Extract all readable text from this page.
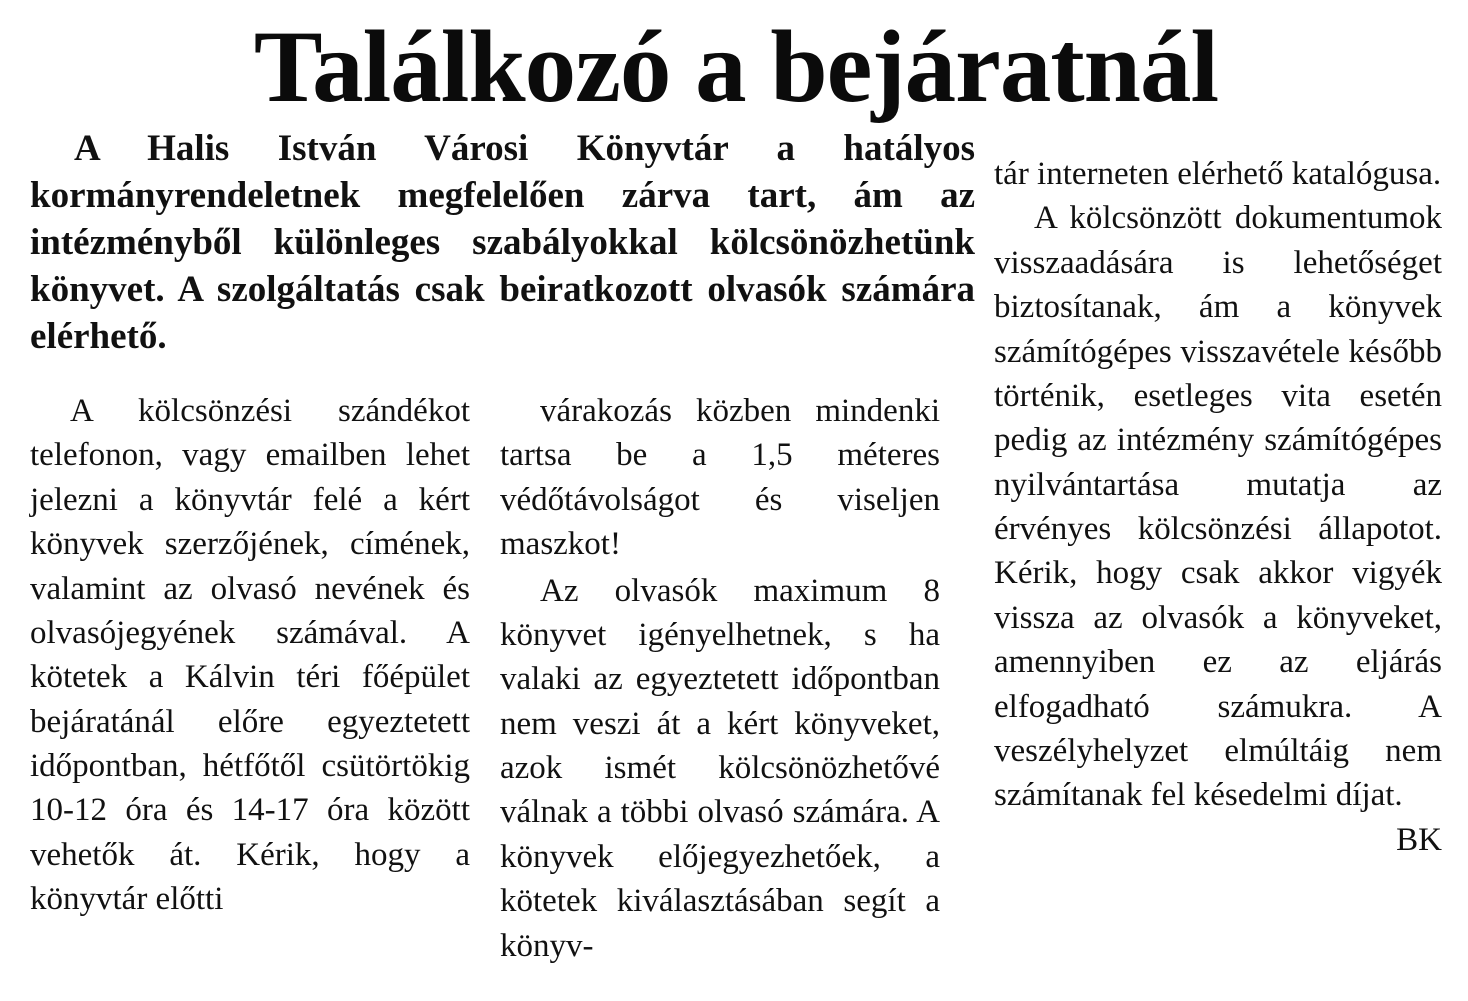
Találkozó a bejáratnál

A Halis István Városi Könyvtár a hatályos kormányrendeletnek megfelelően zárva tart, ám az intézményből különleges szabályokkal kölcsönözhetünk könyvet. A szolgáltatás csak beiratkozott olvasók számára elérhető.

A kölcsönzési szándékot telefonon, vagy emailben lehet jelezni a könyvtár felé a kért könyvek szerzőjének, címének, valamint az olvasó nevének és olvasójegyének számával. A kötetek a Kálvin téri főépület bejáratánál előre egyeztetett időpontban, hétfőtől csütörtökig 10-12 óra és 14-17 óra között vehetők át. Kérik, hogy a könyvtár előtti

várakozás közben mindenki tartsa be a 1,5 méteres védőtávolságot és viseljen maszkot!

Az olvasók maximum 8 könyvet igényelhetnek, s ha valaki az egyeztetett időpontban nem veszi át a kért könyveket, azok ismét kölcsönözhetővé válnak a többi olvasó számára. A könyvek előjegyezhetőek, a kötetek kiválasztásában segít a könyv-

tár interneten elérhető katalógusa.

A kölcsönzött dokumentumok visszaadására is lehetőséget biztosítanak, ám a könyvek számítógépes visszavétele később történik, esetleges vita esetén pedig az intézmény számítógépes nyilvántartása mutatja az érvényes kölcsönzési állapotot. Kérik, hogy csak akkor vigyék vissza az olvasók a könyveket, amennyiben ez az eljárás elfogadható számukra. A veszélyhelyzet elmúltáig nem számítanak fel késedelmi díjat.

BK
